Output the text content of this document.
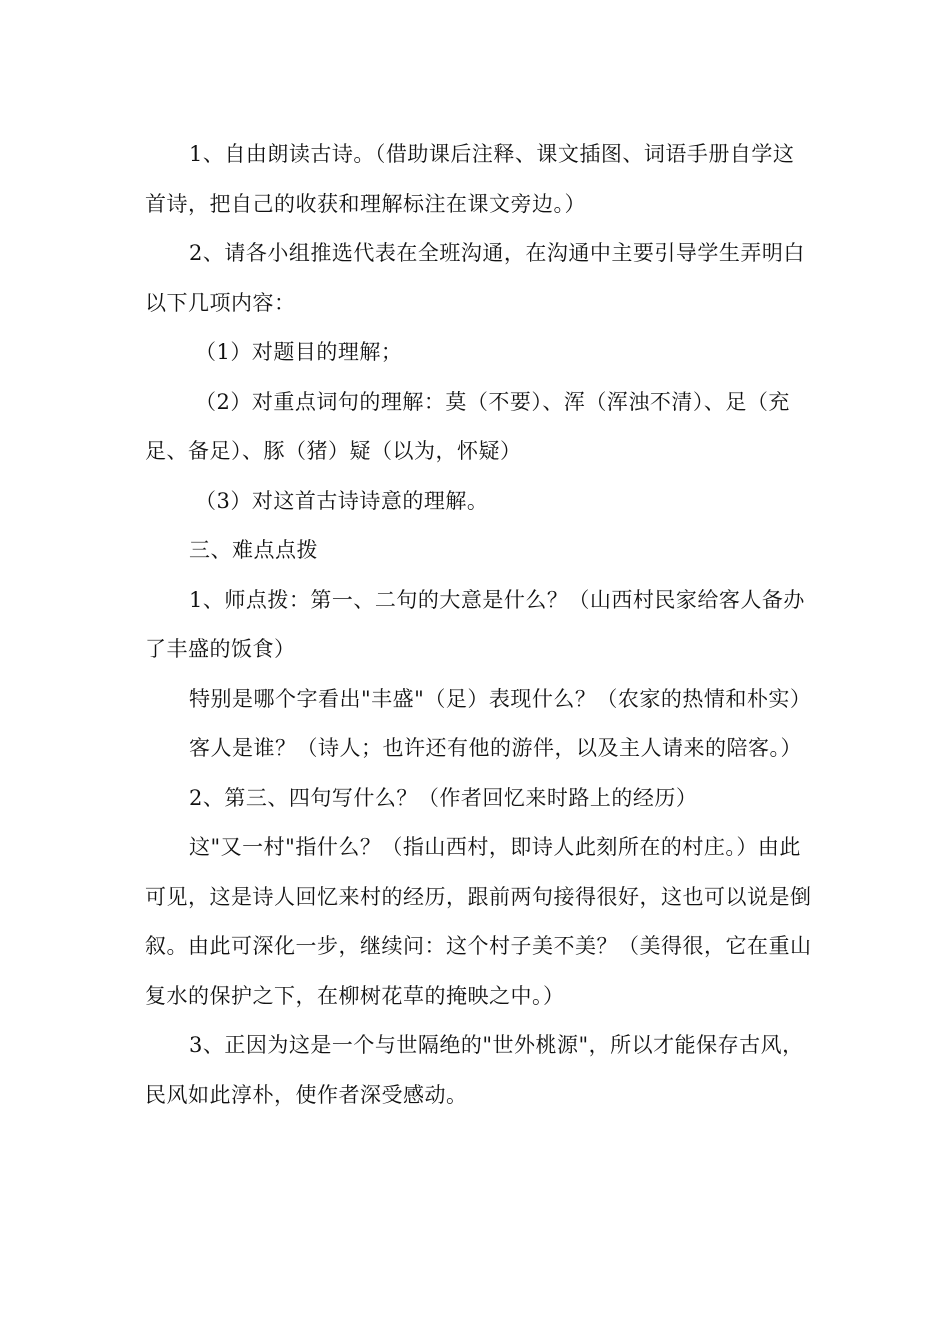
1、自由朗读古诗。（借助课后注释、课文插图、词语手册自学这首诗，把自己的收获和理解标注在课文旁边。）

2、请各小组推选代表在全班沟通，在沟通中主要引导学生弄明白以下几项内容：

（1）对题目的理解；

（2）对重点词句的理解：莫（不要）、浑（浑浊不清）、足（充足、备足）、豚（猪）疑（以为，怀疑）

（3）对这首古诗诗意的理解。

三、难点点拨

1、师点拨：第一、二句的大意是什么？（山西村民家给客人备办了丰盛的饭食）

特别是哪个字看出"丰盛"（足）表现什么？（农家的热情和朴实）

客人是谁？（诗人；也许还有他的游伴，以及主人请来的陪客。）

2、第三、四句写什么？（作者回忆来时路上的经历）

这"又一村"指什么？（指山西村，即诗人此刻所在的村庄。）由此可见，这是诗人回忆来村的经历，跟前两句接得很好，这也可以说是倒叙。由此可深化一步，继续问：这个村子美不美？（美得很，它在重山复水的保护之下，在柳树花草的掩映之中。）

3、正因为这是一个与世隔绝的"世外桃源"，所以才能保存古风，民风如此淳朴，使作者深受感动。
